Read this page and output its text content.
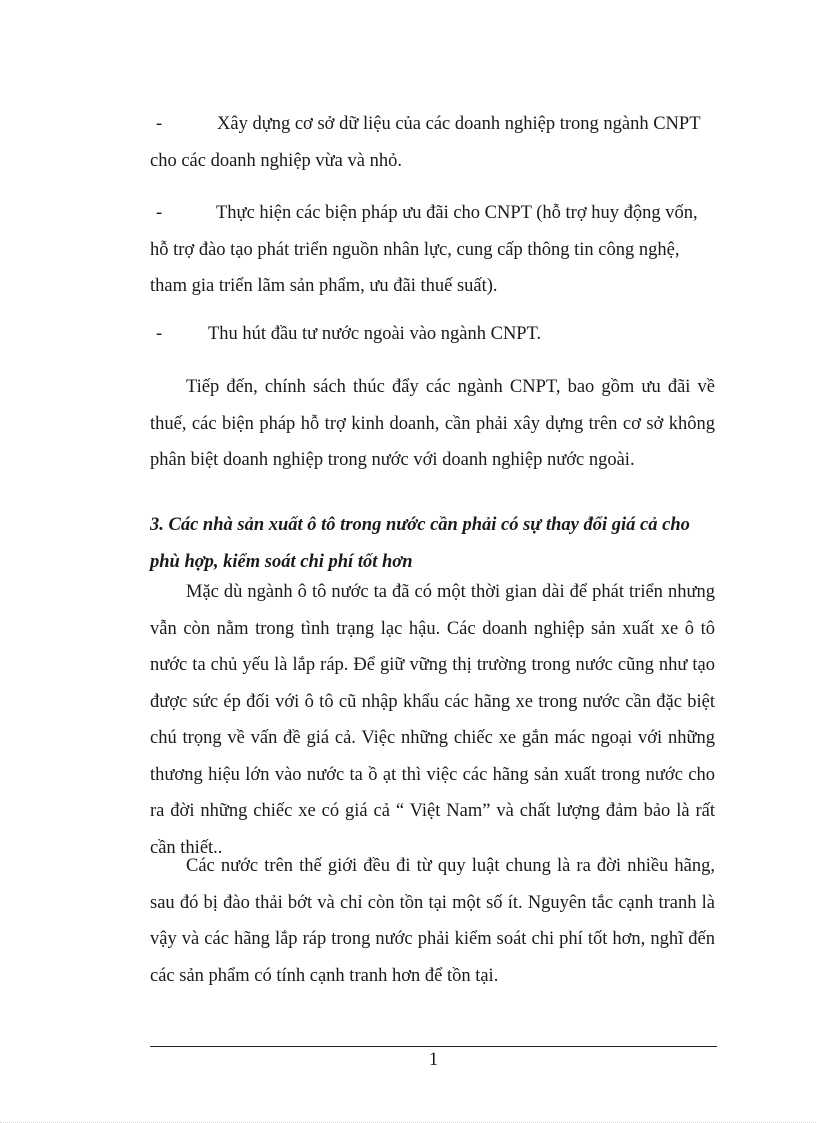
-	Xây dựng cơ sở dữ liệu của các doanh nghiệp trong ngành CNPT
cho các doanh nghiệp vừa và nhỏ.
-	Thực hiện các biện pháp ưu đãi cho CNPT (hỗ trợ huy động vốn,
hỗ trợ đào tạo phát triển nguồn nhân lực, cung cấp thông tin công nghệ,
tham gia triển lãm sản phẩm, ưu đãi thuế suất).
-	Thu hút đầu tư nước ngoài vào ngành CNPT.

Tiếp đến, chính sách thúc đẩy các ngành CNPT, bao gồm ưu đãi về thuế, các biện pháp hỗ trợ kinh doanh, cần phải xây dựng trên cơ sở không phân biệt doanh nghiệp trong nước với doanh nghiệp nước ngoài.

3. Các nhà sản xuất ô tô trong nước cần phải có sự thay đổi giá cả cho phù hợp, kiểm soát chi phí tốt hơn

Mặc dù ngành ô tô nước ta đã có một thời gian dài để phát triển nhưng vẫn còn nằm trong tình trạng lạc hậu. Các doanh nghiệp sản xuất xe ô tô nước ta chủ yếu là lắp ráp. Để giữ vững thị trường trong nước cũng như tạo được sức ép đối với ô tô cũ nhập khẩu các hãng xe trong nước cần đặc biệt chú trọng về vấn đề giá cả. Việc những chiếc xe gắn mác ngoại với những thương hiệu lớn vào nước ta ồ ạt thì việc các hãng sản xuất trong nước cho ra đời những chiếc xe có giá cả “ Việt Nam” và chất lượng đảm bảo là rất cần thiết..

Các nước trên thế giới đều đi từ quy luật chung là ra đời nhiều hãng, sau đó bị đào thải bớt và chỉ còn tồn tại một số ít. Nguyên tắc cạnh tranh là vậy và các hãng lắp ráp trong nước phải kiểm soát chi phí tốt hơn, nghĩ đến các sản phẩm có tính cạnh tranh hơn để tồn tại.

1
